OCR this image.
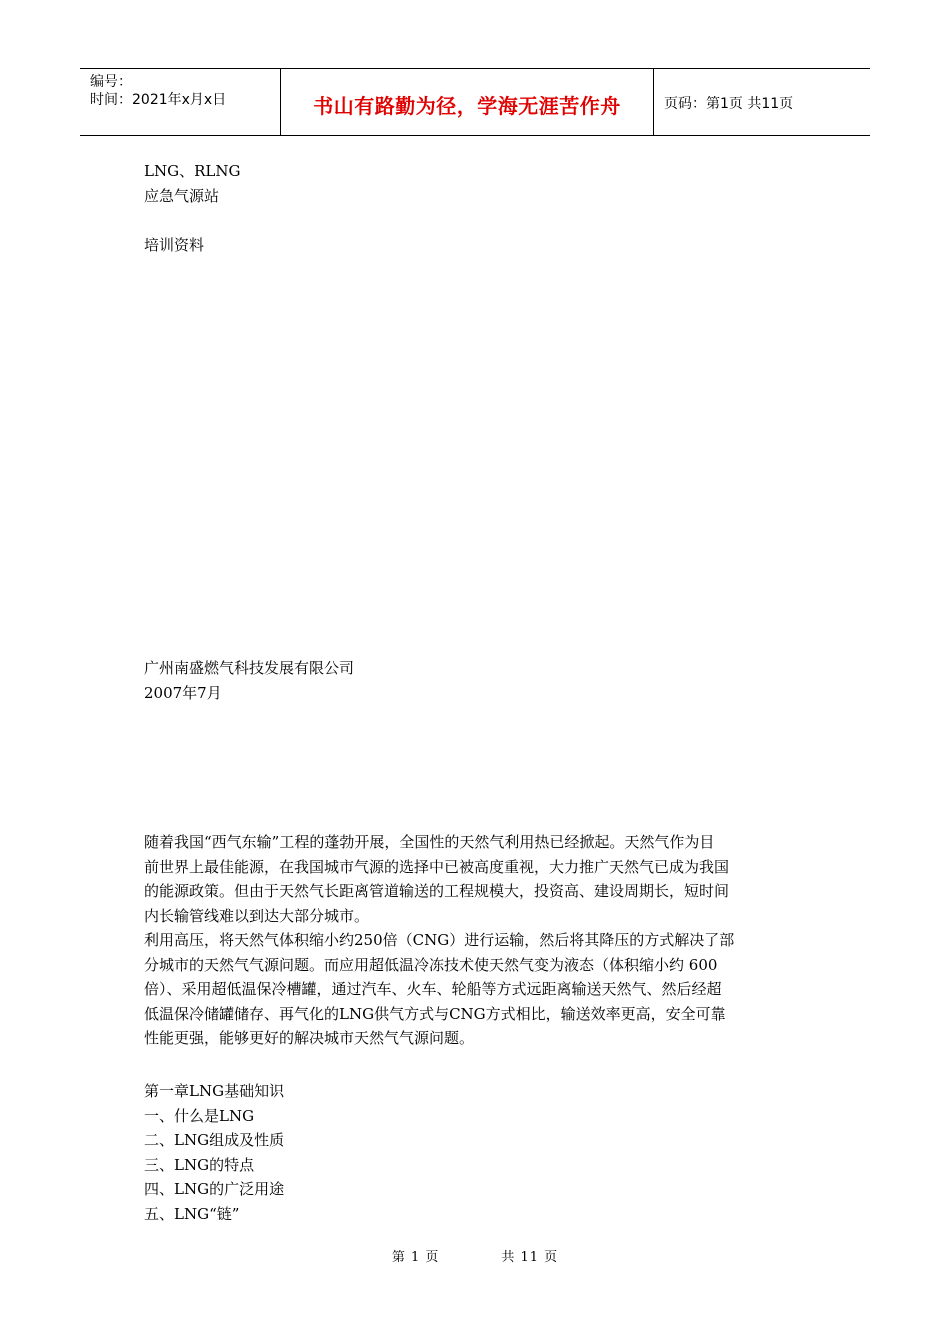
编号：
时间：2021年x月x日	书山有路勤为径，学海无涯苦作舟	页码：第1页 共11页
LNG、RLNG
应急气源站
培训资料
广州南盛燃气科技发展有限公司
2007年7月
随着我国“西气东输”工程的蓬勃开展，全国性的天然气利用热已经掀起。天然气作为目
前世界上最佳能源，在我国城市气源的选择中已被高度重视，大力推广天然气已成为我国
的能源政策。但由于天然气长距离管道输送的工程规模大，投资高、建设周期长，短时间
内长输管线难以到达大部分城市。
利用高压，将天然气体积缩小约250倍（CNG）进行运输，然后将其降压的方式解决了部
分城市的天然气气源问题。而应用超低温冷冻技术使天然气变为液态（体积缩小约 600
倍）、采用超低温保冷槽罐，通过汽车、火车、轮船等方式远距离输送天然气、然后经超
低温保冷储罐储存、再气化的LNG供气方式与CNG方式相比，输送效率更高，安全可靠
性能更强，能够更好的解决城市天然气气源问题。
第一章LNG基础知识
一、什么是LNG
二、LNG组成及性质
三、LNG的特点
四、LNG的广泛用途
五、LNG“链”
第 1 页	共 11 页
